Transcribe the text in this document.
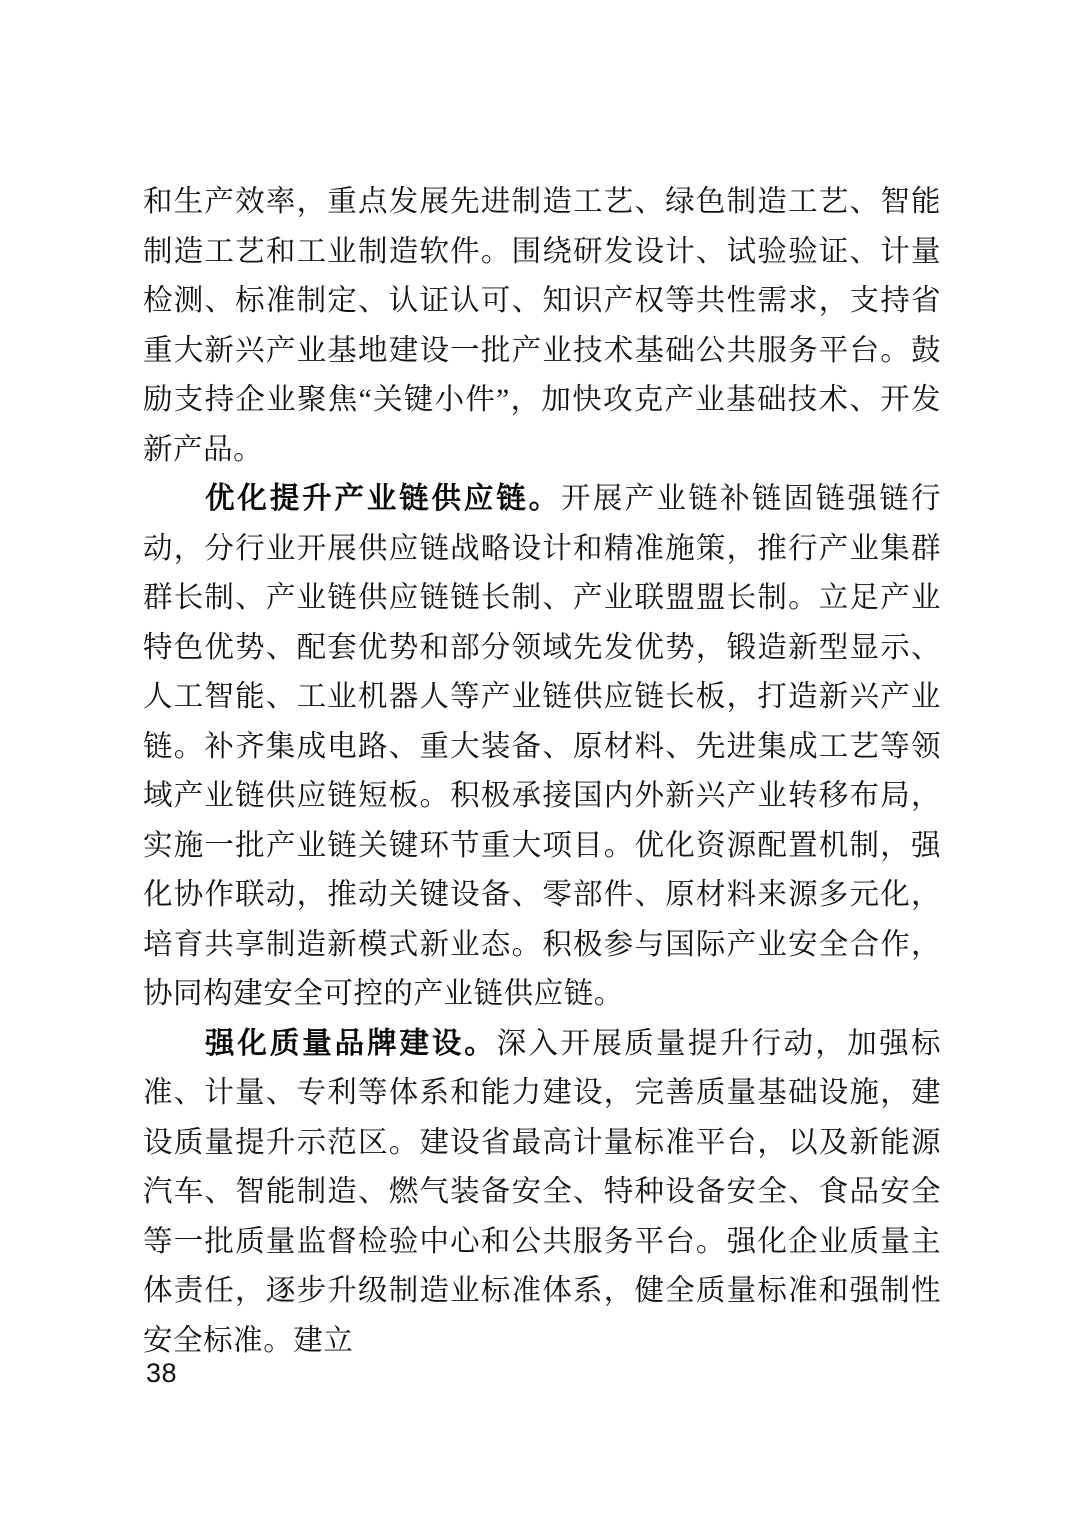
和生产效率，重点发展先进制造工艺、绿色制造工艺、智能制造工艺和工业制造软件。围绕研发设计、试验验证、计量检测、标准制定、认证认可、知识产权等共性需求，支持省重大新兴产业基地建设一批产业技术基础公共服务平台。鼓励支持企业聚焦“关键小件”，加快攻克产业基础技术、开发新产品。

优化提升产业链供应链。开展产业链补链固链强链行动，分行业开展供应链战略设计和精准施策，推行产业集群群长制、产业链供应链链长制、产业联盟盟长制。立足产业特色优势、配套优势和部分领域先发优势，锻造新型显示、人工智能、工业机器人等产业链供应链长板，打造新兴产业链。补齐集成电路、重大装备、原材料、先进集成工艺等领域产业链供应链短板。积极承接国内外新兴产业转移布局，实施一批产业链关键环节重大项目。优化资源配置机制，强化协作联动，推动关键设备、零部件、原材料来源多元化，培育共享制造新模式新业态。积极参与国际产业安全合作，协同构建安全可控的产业链供应链。

强化质量品牌建设。深入开展质量提升行动，加强标准、计量、专利等体系和能力建设，完善质量基础设施，建设质量提升示范区。建设省最高计量标准平台，以及新能源汽车、智能制造、燃气装备安全、特种设备安全、食品安全等一批质量监督检验中心和公共服务平台。强化企业质量主体责任，逐步升级制造业标准体系，健全质量标准和强制性安全标准。建立

38
